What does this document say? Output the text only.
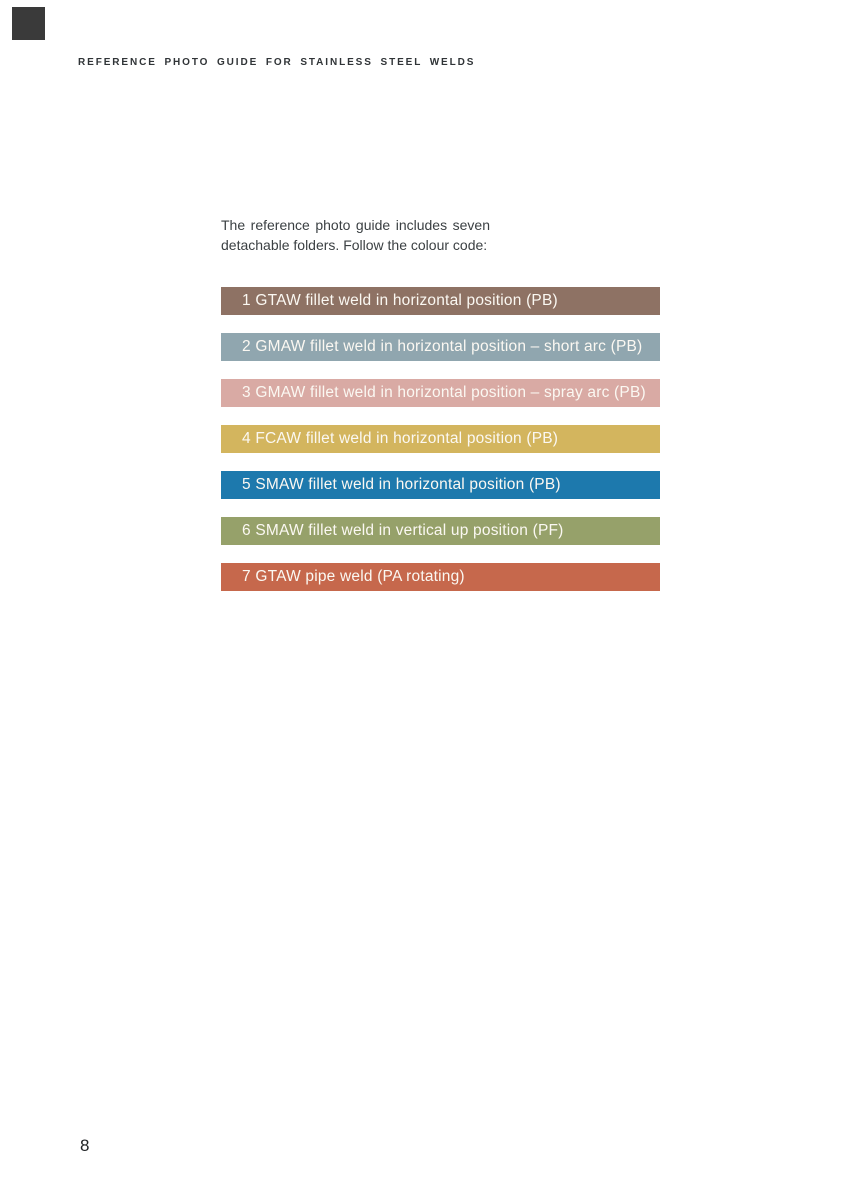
REFERENCE PHOTO GUIDE FOR STAINLESS STEEL WELDS
The reference photo guide includes seven
detachable folders. Follow the colour code:
1 GTAW fillet weld in horizontal position (PB)
2 GMAW fillet weld in horizontal position – short arc (PB)
3 GMAW fillet weld in horizontal position – spray arc (PB)
4 FCAW fillet weld in horizontal position (PB)
5 SMAW fillet weld in horizontal position (PB)
6 SMAW fillet weld in vertical up position (PF)
7 GTAW pipe weld (PA rotating)
8
